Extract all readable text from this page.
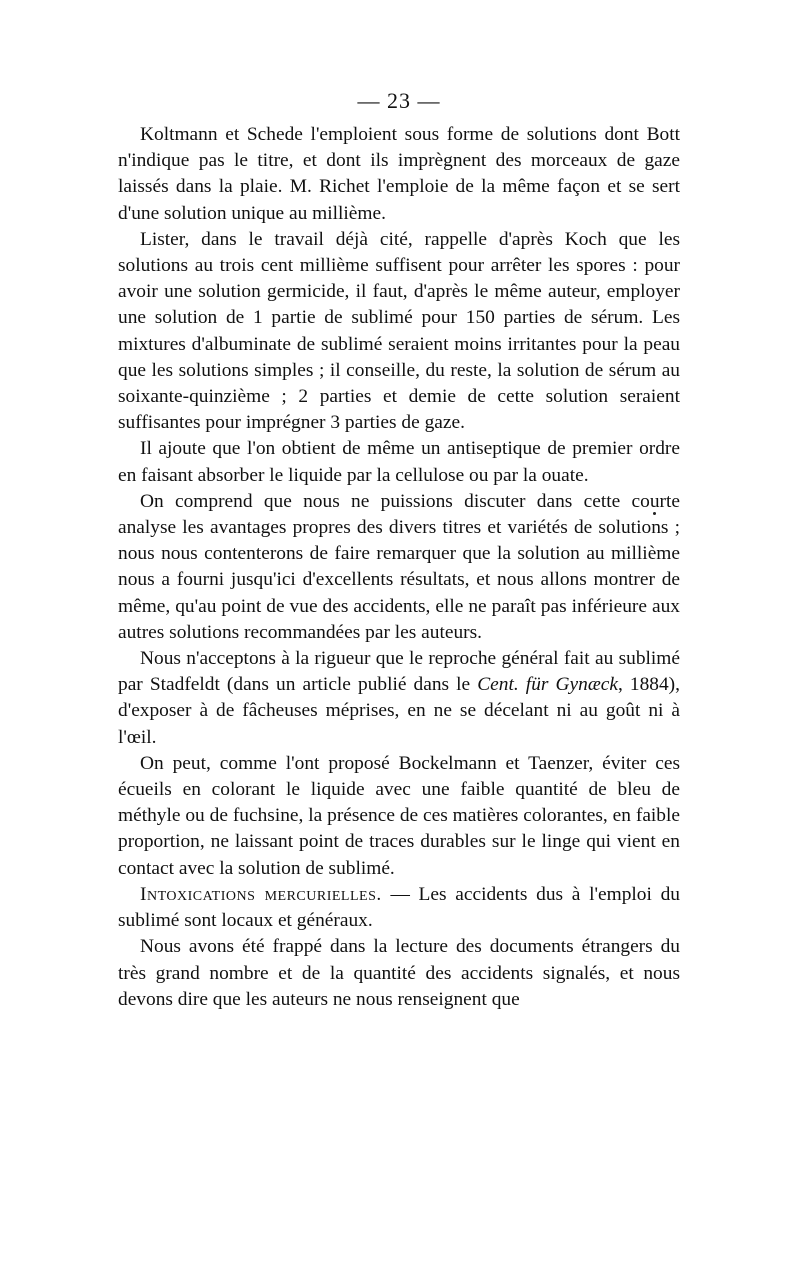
— 23 —

Koltmann et Schede l'emploient sous forme de solutions dont Bott n'indique pas le titre, et dont ils imprègnent des morceaux de gaze laissés dans la plaie. M. Richet l'emploie de la même façon et se sert d'une solution unique au millième.

Lister, dans le travail déjà cité, rappelle d'après Koch que les solutions au trois cent millième suffisent pour arrêter les spores : pour avoir une solution germicide, il faut, d'après le même auteur, employer une solution de 1 partie de sublimé pour 150 parties de sérum. Les mixtures d'albuminate de sublimé seraient moins irritantes pour la peau que les solutions simples ; il conseille, du reste, la solution de sérum au soixante-quinzième ; 2 parties et demie de cette solution seraient suffisantes pour imprégner 3 parties de gaze.

Il ajoute que l'on obtient de même un antiseptique de premier ordre en faisant absorber le liquide par la cellulose ou par la ouate.

On comprend que nous ne puissions discuter dans cette courte analyse les avantages propres des divers titres et variétés de solutions ; nous nous contenterons de faire remarquer que la solution au millième nous a fourni jusqu'ici d'excellents résultats, et nous allons montrer de même, qu'au point de vue des accidents, elle ne paraît pas inférieure aux autres solutions recommandées par les auteurs.

Nous n'acceptons à la rigueur que le reproche général fait au sublimé par Stadfeldt (dans un article publié dans le Cent. für Gynæck, 1884), d'exposer à de fâcheuses méprises, en ne se décelant ni au goût ni à l'œil.

On peut, comme l'ont proposé Bockelmann et Taenzer, éviter ces écueils en colorant le liquide avec une faible quantité de bleu de méthyle ou de fuchsine, la présence de ces matières colorantes, en faible proportion, ne laissant point de traces durables sur le linge qui vient en contact avec la solution de sublimé.

Intoxications mercurielles. — Les accidents dus à l'emploi du sublimé sont locaux et généraux.

Nous avons été frappé dans la lecture des documents étrangers du très grand nombre et de la quantité des accidents signalés, et nous devons dire que les auteurs ne nous renseignent que
